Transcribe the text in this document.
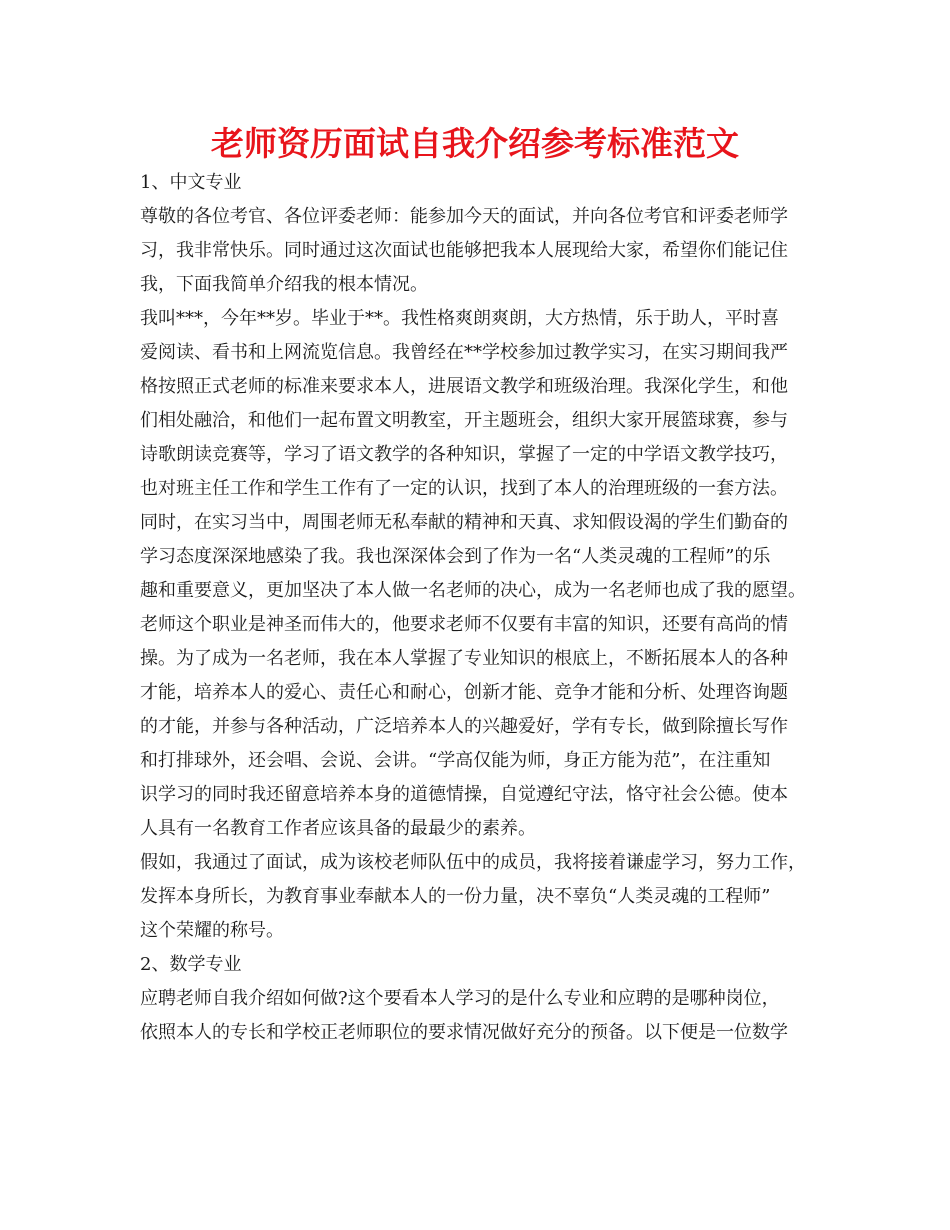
老师资历面试自我介绍参考标准范文
1、中文专业
尊敬的各位考官、各位评委老师：能参加今天的面试，并向各位考官和评委老师学
习，我非常快乐。同时通过这次面试也能够把我本人展现给大家，希望你们能记住
我，下面我简单介绍我的根本情况。
我叫***，今年**岁。毕业于**。我性格爽朗爽朗，大方热情，乐于助人，平时喜
爱阅读、看书和上网流览信息。我曾经在**学校参加过教学实习，在实习期间我严
格按照正式老师的标准来要求本人，进展语文教学和班级治理。我深化学生，和他
们相处融洽，和他们一起布置文明教室，开主题班会，组织大家开展篮球赛，参与
诗歌朗读竞赛等，学习了语文教学的各种知识，掌握了一定的中学语文教学技巧，
也对班主任工作和学生工作有了一定的认识，找到了本人的治理班级的一套方法。
同时，在实习当中，周围老师无私奉献的精神和天真、求知假设渴的学生们勤奋的
学习态度深深地感染了我。我也深深体会到了作为一名“人类灵魂的工程师”的乐
趣和重要意义，更加坚决了本人做一名老师的决心，成为一名老师也成了我的愿望。
老师这个职业是神圣而伟大的，他要求老师不仅要有丰富的知识，还要有高尚的情
操。为了成为一名老师，我在本人掌握了专业知识的根底上，不断拓展本人的各种
才能，培养本人的爱心、责任心和耐心，创新才能、竞争才能和分析、处理咨询题
的才能，并参与各种活动，广泛培养本人的兴趣爱好，学有专长，做到除擅长写作
和打排球外，还会唱、会说、会讲。“学高仅能为师，身正方能为范”，在注重知
识学习的同时我还留意培养本身的道德情操，自觉遵纪守法，恪守社会公德。使本
人具有一名教育工作者应该具备的最最少的素养。
假如，我通过了面试，成为该校老师队伍中的成员，我将接着谦虚学习，努力工作，
发挥本身所长，为教育事业奉献本人的一份力量，决不辜负“人类灵魂的工程师”
这个荣耀的称号。
2、数学专业
应聘老师自我介绍如何做?这个要看本人学习的是什么专业和应聘的是哪种岗位，
依照本人的专长和学校正老师职位的要求情况做好充分的预备。以下便是一位数学
